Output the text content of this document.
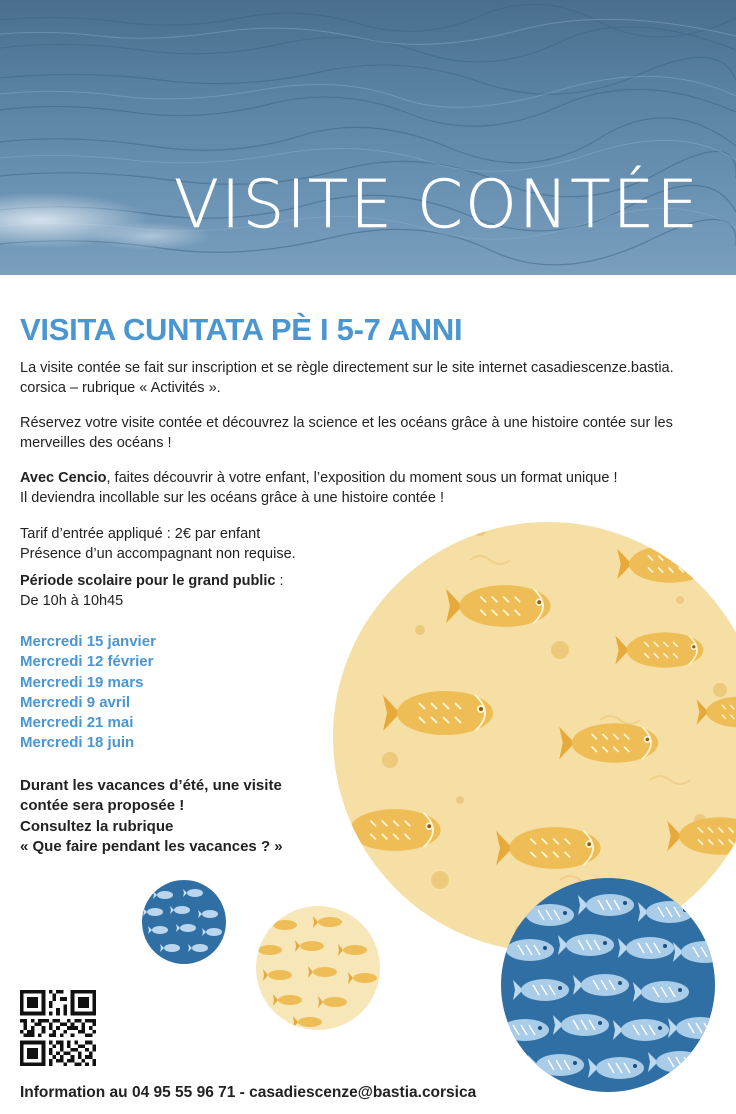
VISITE CONTÉE
VISITA CUNTATA PÈ I 5-7 ANNI

La visite contée se fait sur inscription et se règle directement sur le site internet casadiescenze.bastia.
corsica – rubrique « Activités ».

Réservez votre visite contée et découvrez la science et les océans grâce à une histoire contée sur les
merveilles des océans !

Avec Cencio, faites découvrir à votre enfant, l’exposition du moment sous un format unique !
Il deviendra incollable sur les océans grâce à une histoire contée !

Tarif d’entrée appliqué : 2€ par enfant
Présence d’un accompagnant non requise.

Période scolaire pour le grand public :
De 10h à 10h45

Mercredi 15 janvier
Mercredi 12 février
Mercredi 19 mars
Mercredi 9 avril
Mercredi 21 mai
Mercredi 18 juin
Durant les vacances d’été, une visite
contée sera proposée !
Consultez la rubrique
« Que faire pendant les vacances ? »
Information au 04 95 55 96 71 - casadiescenze@bastia.corsica
